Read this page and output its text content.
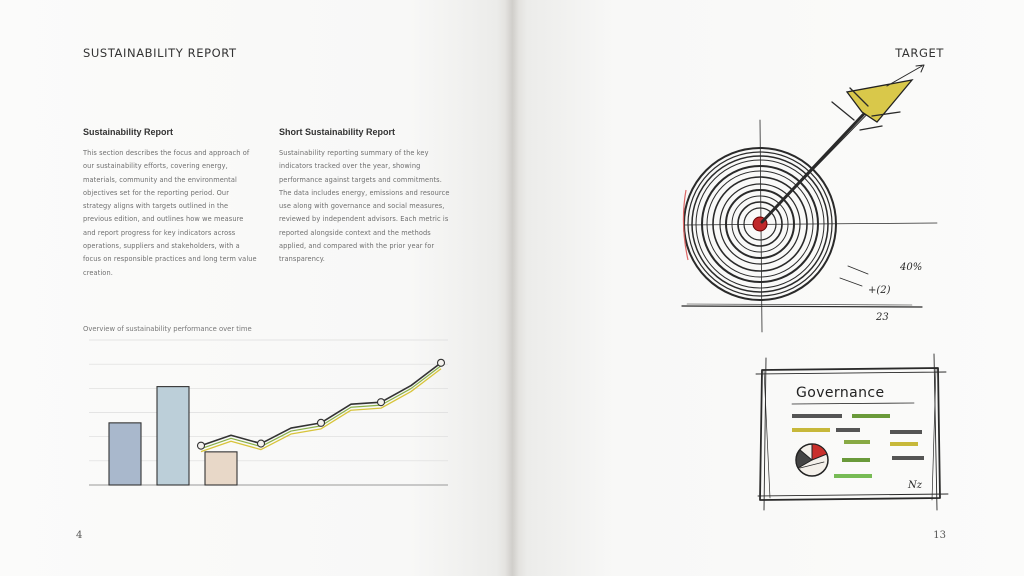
SUSTAINABILITY REPORT
Sustainability Report

This section describes the focus and approach of our sustainability efforts, covering energy, materials, community and the environmental objectives set for the reporting period. Our strategy aligns with targets outlined in the previous edition, and outlines how we measure and report progress for key indicators across operations, suppliers and stakeholders, with a focus on responsible practices and long term value creation.

Short Sustainability Report

Sustainability reporting summary of the key indicators tracked over the year, showing performance against targets and commitments. The data includes energy, emissions and resource use along with governance and social measures, reviewed by independent advisors. Each metric is reported alongside context and the methods applied, and compared with the prior year for transparency.

Overview of sustainability performance over time
4
TARGET
40%
+(2)
23
Governance
Nz
13
